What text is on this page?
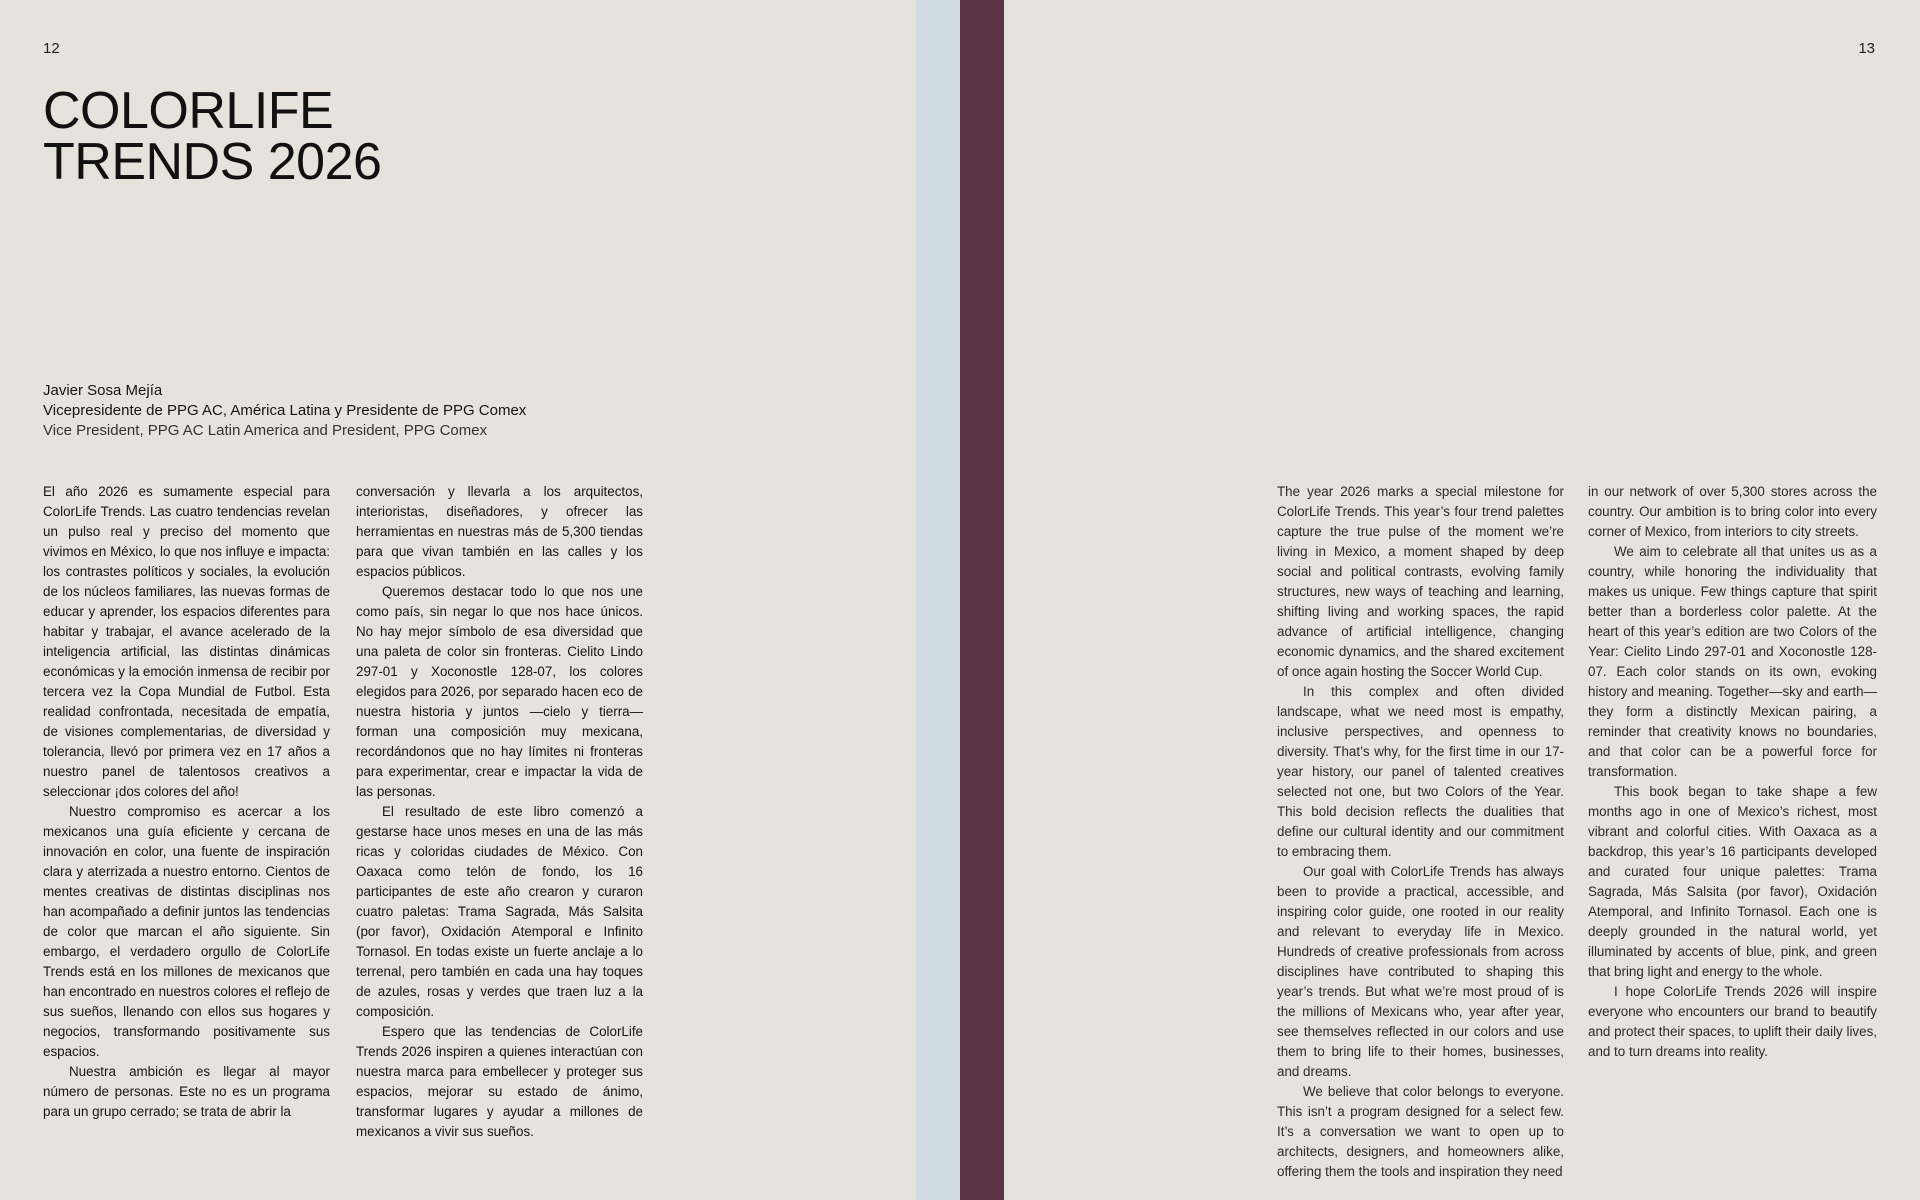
12	13
COLORLIFE
TRENDS 2026
Javier Sosa Mejía
Vicepresidente de PPG AC, América Latina y Presidente de PPG Comex
Vice President, PPG AC Latin America and President, PPG Comex

El año 2026 es sumamente especial para ColorLife Trends. Las cuatro tendencias revelan un pulso real y preciso del momento que vivimos en México, lo que nos influye e impacta: los contrastes políticos y sociales, la evolución de los núcleos familiares, las nuevas formas de educar y aprender, los espacios diferentes para habitar y trabajar, el avance acelerado de la inteligencia artificial, las distintas dinámicas económicas y la emoción inmensa de recibir por tercera vez la Copa Mundial de Futbol. Esta realidad confrontada, necesitada de empatía, de visiones complementarias, de diversidad y tolerancia, llevó por primera vez en 17 años a nuestro panel de talentosos creativos a seleccionar ¡dos colores del año!

Nuestro compromiso es acercar a los mexicanos una guía eficiente y cercana de innovación en color, una fuente de inspiración clara y aterrizada a nuestro entorno. Cientos de mentes creativas de distintas disciplinas nos han acompañado a definir juntos las tendencias de color que marcan el año siguiente. Sin embargo, el verdadero orgullo de ColorLife Trends está en los millones de mexicanos que han encontrado en nuestros colores el reflejo de sus sueños, llenando con ellos sus hogares y negocios, transformando positivamente sus espacios.

Nuestra ambición es llegar al mayor número de personas. Este no es un programa para un grupo cerrado; se trata de abrir la

conversación y llevarla a los arquitectos, interioristas, diseñadores, y ofrecer las herramientas en nuestras más de 5,300 tiendas para que vivan también en las calles y los espacios públicos.

Queremos destacar todo lo que nos une como país, sin negar lo que nos hace únicos. No hay mejor símbolo de esa diversidad que una paleta de color sin fronteras. Cielito Lindo 297-01 y Xoconostle 128-07, los colores elegidos para 2026, por separado hacen eco de nuestra historia y juntos —cielo y tierra— forman una composición muy mexicana, recordándonos que no hay límites ni fronteras para experimentar, crear e impactar la vida de las personas.

El resultado de este libro comenzó a gestarse hace unos meses en una de las más ricas y coloridas ciudades de México. Con Oaxaca como telón de fondo, los 16 participantes de este año crearon y curaron cuatro paletas: Trama Sagrada, Más Salsita (por favor), Oxidación Atemporal e Infinito Tornasol. En todas existe un fuerte anclaje a lo terrenal, pero también en cada una hay toques de azules, rosas y verdes que traen luz a la composición.

Espero que las tendencias de ColorLife Trends 2026 inspiren a quienes interactúan con nuestra marca para embellecer y proteger sus espacios, mejorar su estado de ánimo, transformar lugares y ayudar a millones de mexicanos a vivir sus sueños.

The year 2026 marks a special milestone for ColorLife Trends. This year’s four trend palettes capture the true pulse of the moment we’re living in Mexico, a moment shaped by deep social and political contrasts, evolving family structures, new ways of teaching and learning, shifting living and working spaces, the rapid advance of artificial intelligence, changing economic dynamics, and the shared excitement of once again hosting the Soccer World Cup.

In this complex and often divided landscape, what we need most is empathy, inclusive perspectives, and openness to diversity. That’s why, for the first time in our 17-year history, our panel of talented creatives selected not one, but two Colors of the Year. This bold decision reflects the dualities that define our cultural identity and our commitment to embracing them.

Our goal with ColorLife Trends has always been to provide a practical, accessible, and inspiring color guide, one rooted in our reality and relevant to everyday life in Mexico. Hundreds of creative professionals from across disciplines have contributed to shaping this year’s trends. But what we’re most proud of is the millions of Mexicans who, year after year, see themselves reflected in our colors and use them to bring life to their homes, businesses, and dreams.

We believe that color belongs to everyone. This isn’t a program designed for a select few. It’s a conversation we want to open up to architects, designers, and homeowners alike, offering them the tools and inspiration they need

in our network of over 5,300 stores across the country. Our ambition is to bring color into every corner of Mexico, from interiors to city streets.

We aim to celebrate all that unites us as a country, while honoring the individuality that makes us unique. Few things capture that spirit better than a borderless color palette. At the heart of this year’s edition are two Colors of the Year: Cielito Lindo 297-01 and Xoconostle 128-07. Each color stands on its own, evoking history and meaning. Together—sky and earth—they form a distinctly Mexican pairing, a reminder that creativity knows no boundaries, and that color can be a powerful force for transformation.

This book began to take shape a few months ago in one of Mexico’s richest, most vibrant and colorful cities. With Oaxaca as a backdrop, this year’s 16 participants developed and curated four unique palettes: Trama Sagrada, Más Salsita (por favor), Oxidación Atemporal, and Infinito Tornasol. Each one is deeply grounded in the natural world, yet illuminated by accents of blue, pink, and green that bring light and energy to the whole.

I hope ColorLife Trends 2026 will inspire everyone who encounters our brand to beautify and protect their spaces, to uplift their daily lives, and to turn dreams into reality.
